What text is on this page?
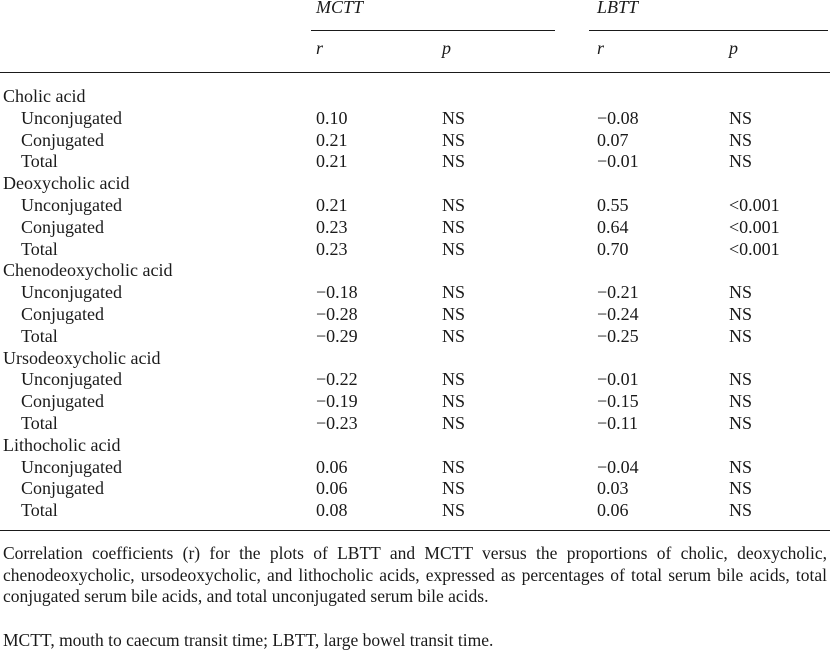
MCTT	LBTT
r	p	r	p
Cholic acid
Unconjugated	0.10	NS	−0.08	NS
Conjugated	0.21	NS	0.07	NS
Total	0.21	NS	−0.01	NS
Deoxycholic acid
Unconjugated	0.21	NS	0.55	<0.001
Conjugated	0.23	NS	0.64	<0.001
Total	0.23	NS	0.70	<0.001
Chenodeoxycholic acid
Unconjugated	−0.18	NS	−0.21	NS
Conjugated	−0.28	NS	−0.24	NS
Total	−0.29	NS	−0.25	NS
Ursodeoxycholic acid
Unconjugated	−0.22	NS	−0.01	NS
Conjugated	−0.19	NS	−0.15	NS
Total	−0.23	NS	−0.11	NS
Lithocholic acid
Unconjugated	0.06	NS	−0.04	NS
Conjugated	0.06	NS	0.03	NS
Total	0.08	NS	0.06	NS
Correlation coefficients (r) for the plots of LBTT and MCTT versus the proportions of cholic, deoxycholic, chenodeoxycholic, ursodeoxycholic, and lithocholic acids, expressed as percentages of total serum bile acids, total conjugated serum bile acids, and total unconjugated serum bile acids.
MCTT, mouth to caecum transit time; LBTT, large bowel transit time.
